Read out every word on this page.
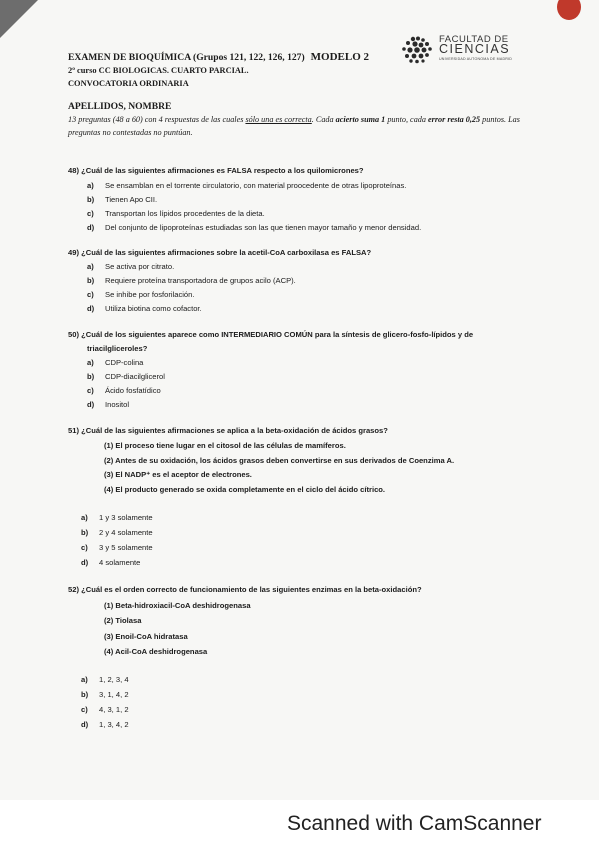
EXAMEN DE BIOQUÍMICA (Grupos 121, 122, 126, 127) MODELO 2
2º curso CC BIOLOGICAS. CUARTO PARCIAL.
CONVOCATORIA ORDINARIA
FACULTAD DE
CIENCIAS
UNIVERSIDAD AUTONOMA DE MADRID
APELLIDOS, NOMBRE
13 preguntas (48 a 60) con 4 respuestas de las cuales sólo una es correcta. Cada acierto suma 1 punto, cada error resta 0,25 puntos. Las preguntas no contestadas no puntúan.
48) ¿Cuál de las siguientes afirmaciones es FALSA respecto a los quilomicrones?
a) Se ensamblan en el torrente circulatorio, con material proocedente de otras lipoproteínas.
b) Tienen Apo CII.
c) Transportan los lípidos procedentes de la dieta.
d) Del conjunto de lipoproteínas estudiadas son las que tienen mayor tamaño y menor densidad.
49) ¿Cuál de las siguientes afirmaciones sobre la acetil-CoA carboxilasa es FALSA?
a) Se activa por citrato.
b) Requiere proteína transportadora de grupos acilo (ACP).
c) Se inhibe por fosforilación.
d) Utiliza biotina como cofactor.
50) ¿Cuál de los siguientes aparece como INTERMEDIARIO COMÚN para la síntesis de glicero-fosfo-lípidos y de
triacilgliceroles?
a) CDP-colina
b) CDP-diacilglicerol
c) Ácido fosfatídico
d) Inositol
51) ¿Cuál de las siguientes afirmaciones se aplica a la beta-oxidación de ácidos grasos?
(1) El proceso tiene lugar en el citosol de las células de mamíferos.
(2) Antes de su oxidación, los ácidos grasos deben convertirse en sus derivados de Coenzima A.
(3) El NADP⁺ es el aceptor de electrones.
(4) El producto generado se oxida completamente en el ciclo del ácido cítrico.
a) 1 y 3 solamente
b) 2 y 4 solamente
c) 3 y 5 solamente
d) 4 solamente
52) ¿Cuál es el orden correcto de funcionamiento de las siguientes enzimas en la beta-oxidación?
(1) Beta-hidroxiacil-CoA deshidrogenasa
(2) Tiolasa
(3) Enoil-CoA hidratasa
(4) Acil-CoA deshidrogenasa
a) 1, 2, 3, 4
b) 3, 1, 4, 2
c) 4, 3, 1, 2
d) 1, 3, 4, 2
Scanned with CamScanner
